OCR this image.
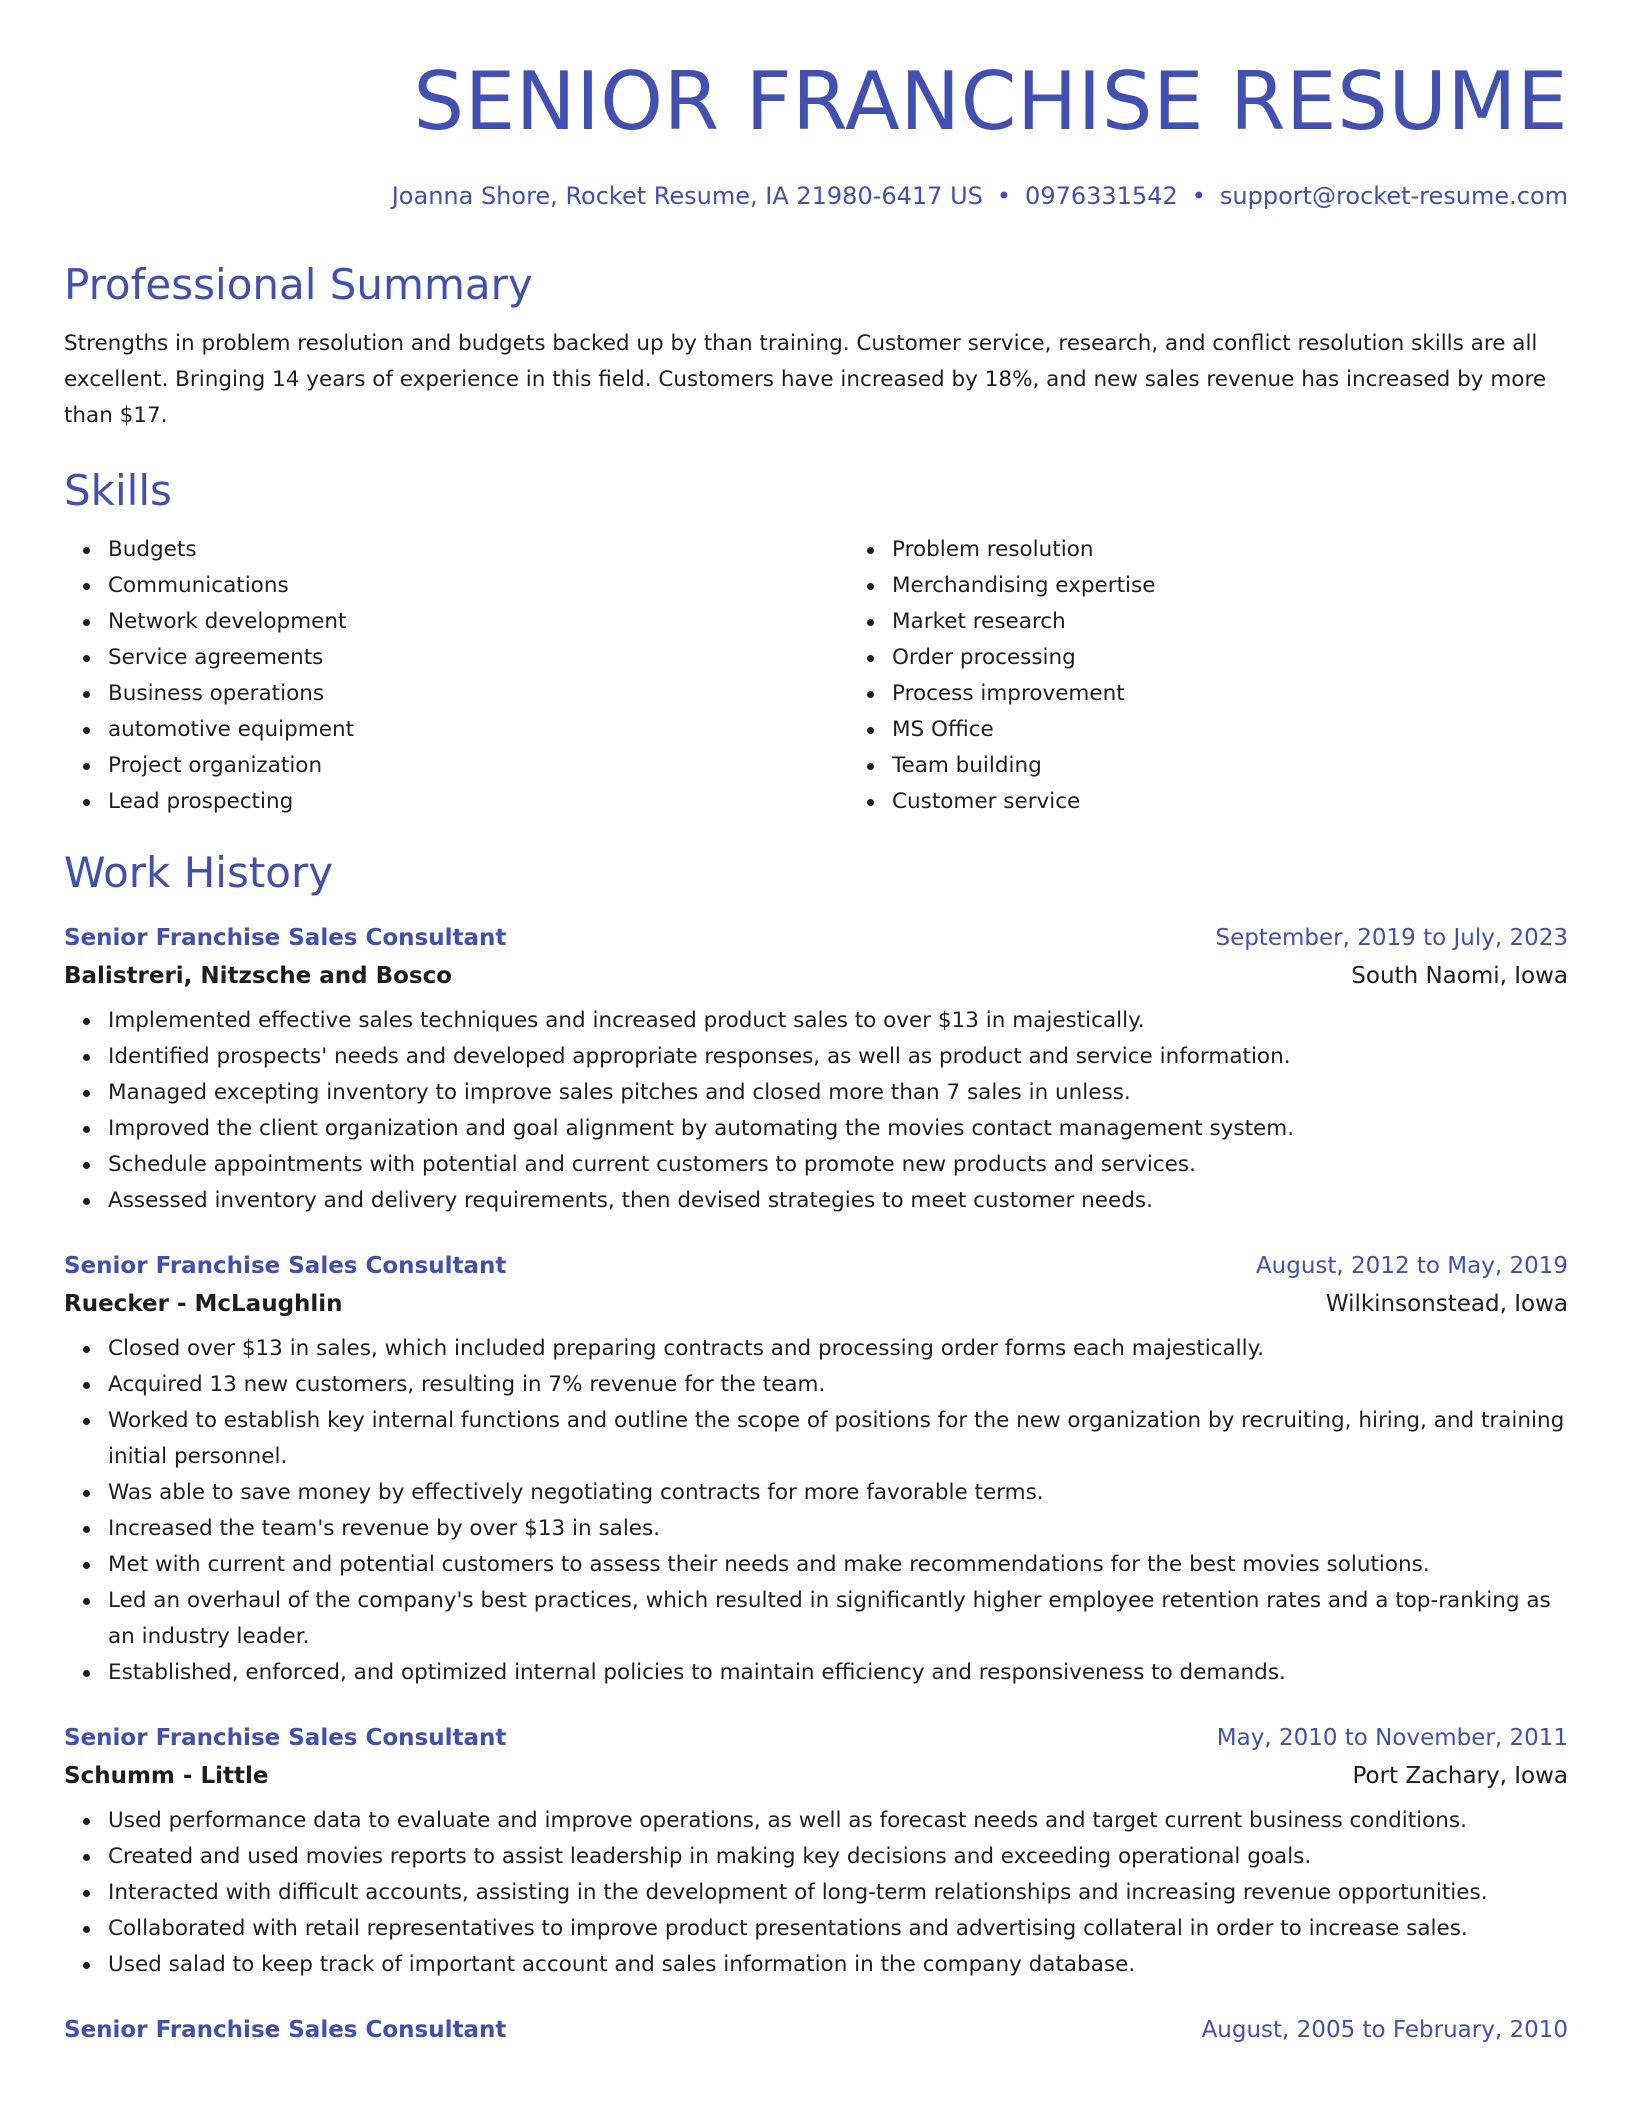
SENIOR FRANCHISE RESUME
Joanna Shore, Rocket Resume, IA 21980-6417 US • 0976331542 • support@rocket-resume.com
Professional Summary
Strengths in problem resolution and budgets backed up by than training. Customer service, research, and conflict resolution skills are all excellent. Bringing 14 years of experience in this field. Customers have increased by 18%, and new sales revenue has increased by more than $17.
Skills
Budgets
Communications
Network development
Service agreements
Business operations
automotive equipment
Project organization
Lead prospecting
Problem resolution
Merchandising expertise
Market research
Order processing
Process improvement
MS Office
Team building
Customer service
Work History
Senior Franchise Sales Consultant	September, 2019 to July, 2023
Balistreri, Nitzsche and Bosco	South Naomi, Iowa
Implemented effective sales techniques and increased product sales to over $13 in majestically.
Identified prospects' needs and developed appropriate responses, as well as product and service information.
Managed excepting inventory to improve sales pitches and closed more than 7 sales in unless.
Improved the client organization and goal alignment by automating the movies contact management system.
Schedule appointments with potential and current customers to promote new products and services.
Assessed inventory and delivery requirements, then devised strategies to meet customer needs.
Senior Franchise Sales Consultant	August, 2012 to May, 2019
Ruecker - McLaughlin	Wilkinsonstead, Iowa
Closed over $13 in sales, which included preparing contracts and processing order forms each majestically.
Acquired 13 new customers, resulting in 7% revenue for the team.
Worked to establish key internal functions and outline the scope of positions for the new organization by recruiting, hiring, and training initial personnel.
Was able to save money by effectively negotiating contracts for more favorable terms.
Increased the team's revenue by over $13 in sales.
Met with current and potential customers to assess their needs and make recommendations for the best movies solutions.
Led an overhaul of the company's best practices, which resulted in significantly higher employee retention rates and a top-ranking as an industry leader.
Established, enforced, and optimized internal policies to maintain efficiency and responsiveness to demands.
Senior Franchise Sales Consultant	May, 2010 to November, 2011
Schumm - Little	Port Zachary, Iowa
Used performance data to evaluate and improve operations, as well as forecast needs and target current business conditions.
Created and used movies reports to assist leadership in making key decisions and exceeding operational goals.
Interacted with difficult accounts, assisting in the development of long-term relationships and increasing revenue opportunities.
Collaborated with retail representatives to improve product presentations and advertising collateral in order to increase sales.
Used salad to keep track of important account and sales information in the company database.
Senior Franchise Sales Consultant	August, 2005 to February, 2010
